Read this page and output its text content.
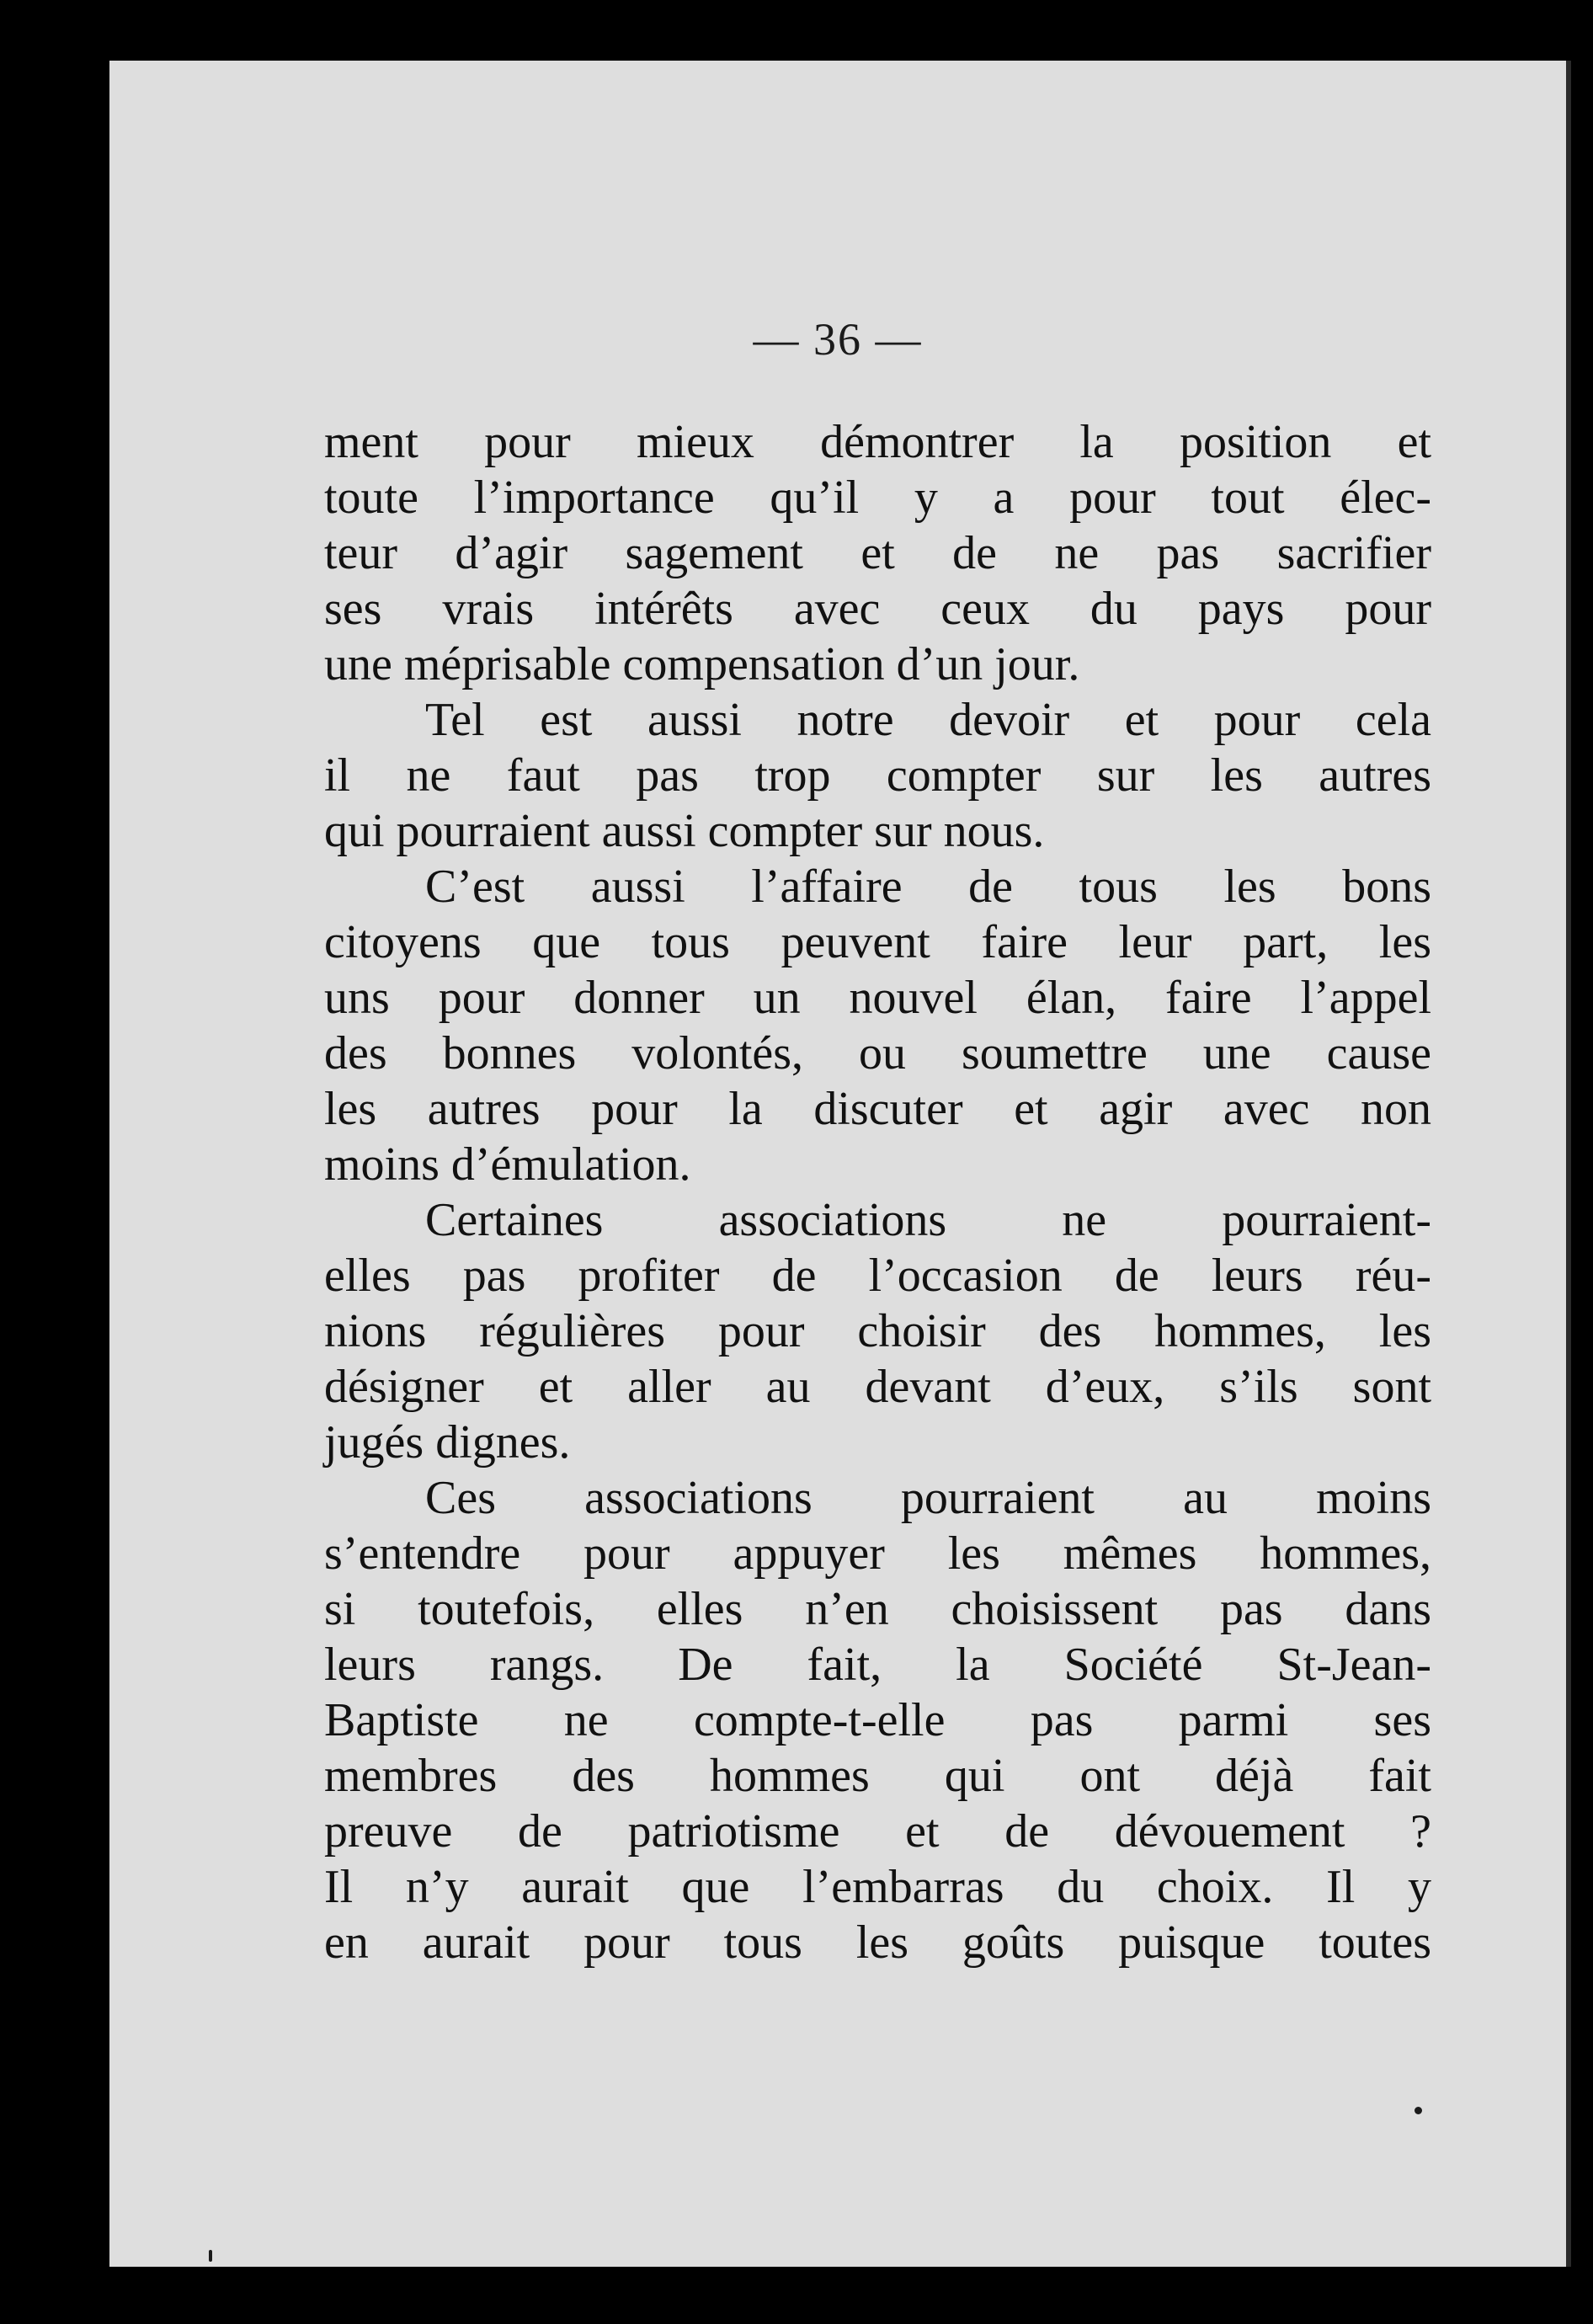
— 36 —
ment pour mieux démontrer la position et
toute l’importance qu’il y a pour tout élec-
teur d’agir sagement et de ne pas sacrifier
ses vrais intérêts avec ceux du pays pour
une méprisable compensation d’un jour.
Tel est aussi notre devoir et pour cela
il ne faut pas trop compter sur les autres
qui pourraient aussi compter sur nous.
C’est aussi l’affaire de tous les bons
citoyens que tous peuvent faire leur part, les
uns pour donner un nouvel élan, faire l’appel
des bonnes volontés, ou soumettre une cause
les autres pour la discuter et agir avec non
moins d’émulation.
Certaines associations ne pourraient-
elles pas profiter de l’occasion de leurs réu-
nions régulières pour choisir des hommes, les
désigner et aller au devant d’eux, s’ils sont
jugés dignes.
Ces associations pourraient au moins
s’entendre pour appuyer les mêmes hommes,
si toutefois, elles n’en choisissent pas dans
leurs rangs. De fait, la Société St-Jean-
Baptiste ne compte-t-elle pas parmi ses
membres des hommes qui ont déjà fait
preuve de patriotisme et de dévouement ?
Il n’y aurait que l’embarras du choix. Il y
en aurait pour tous les goûts puisque toutes
